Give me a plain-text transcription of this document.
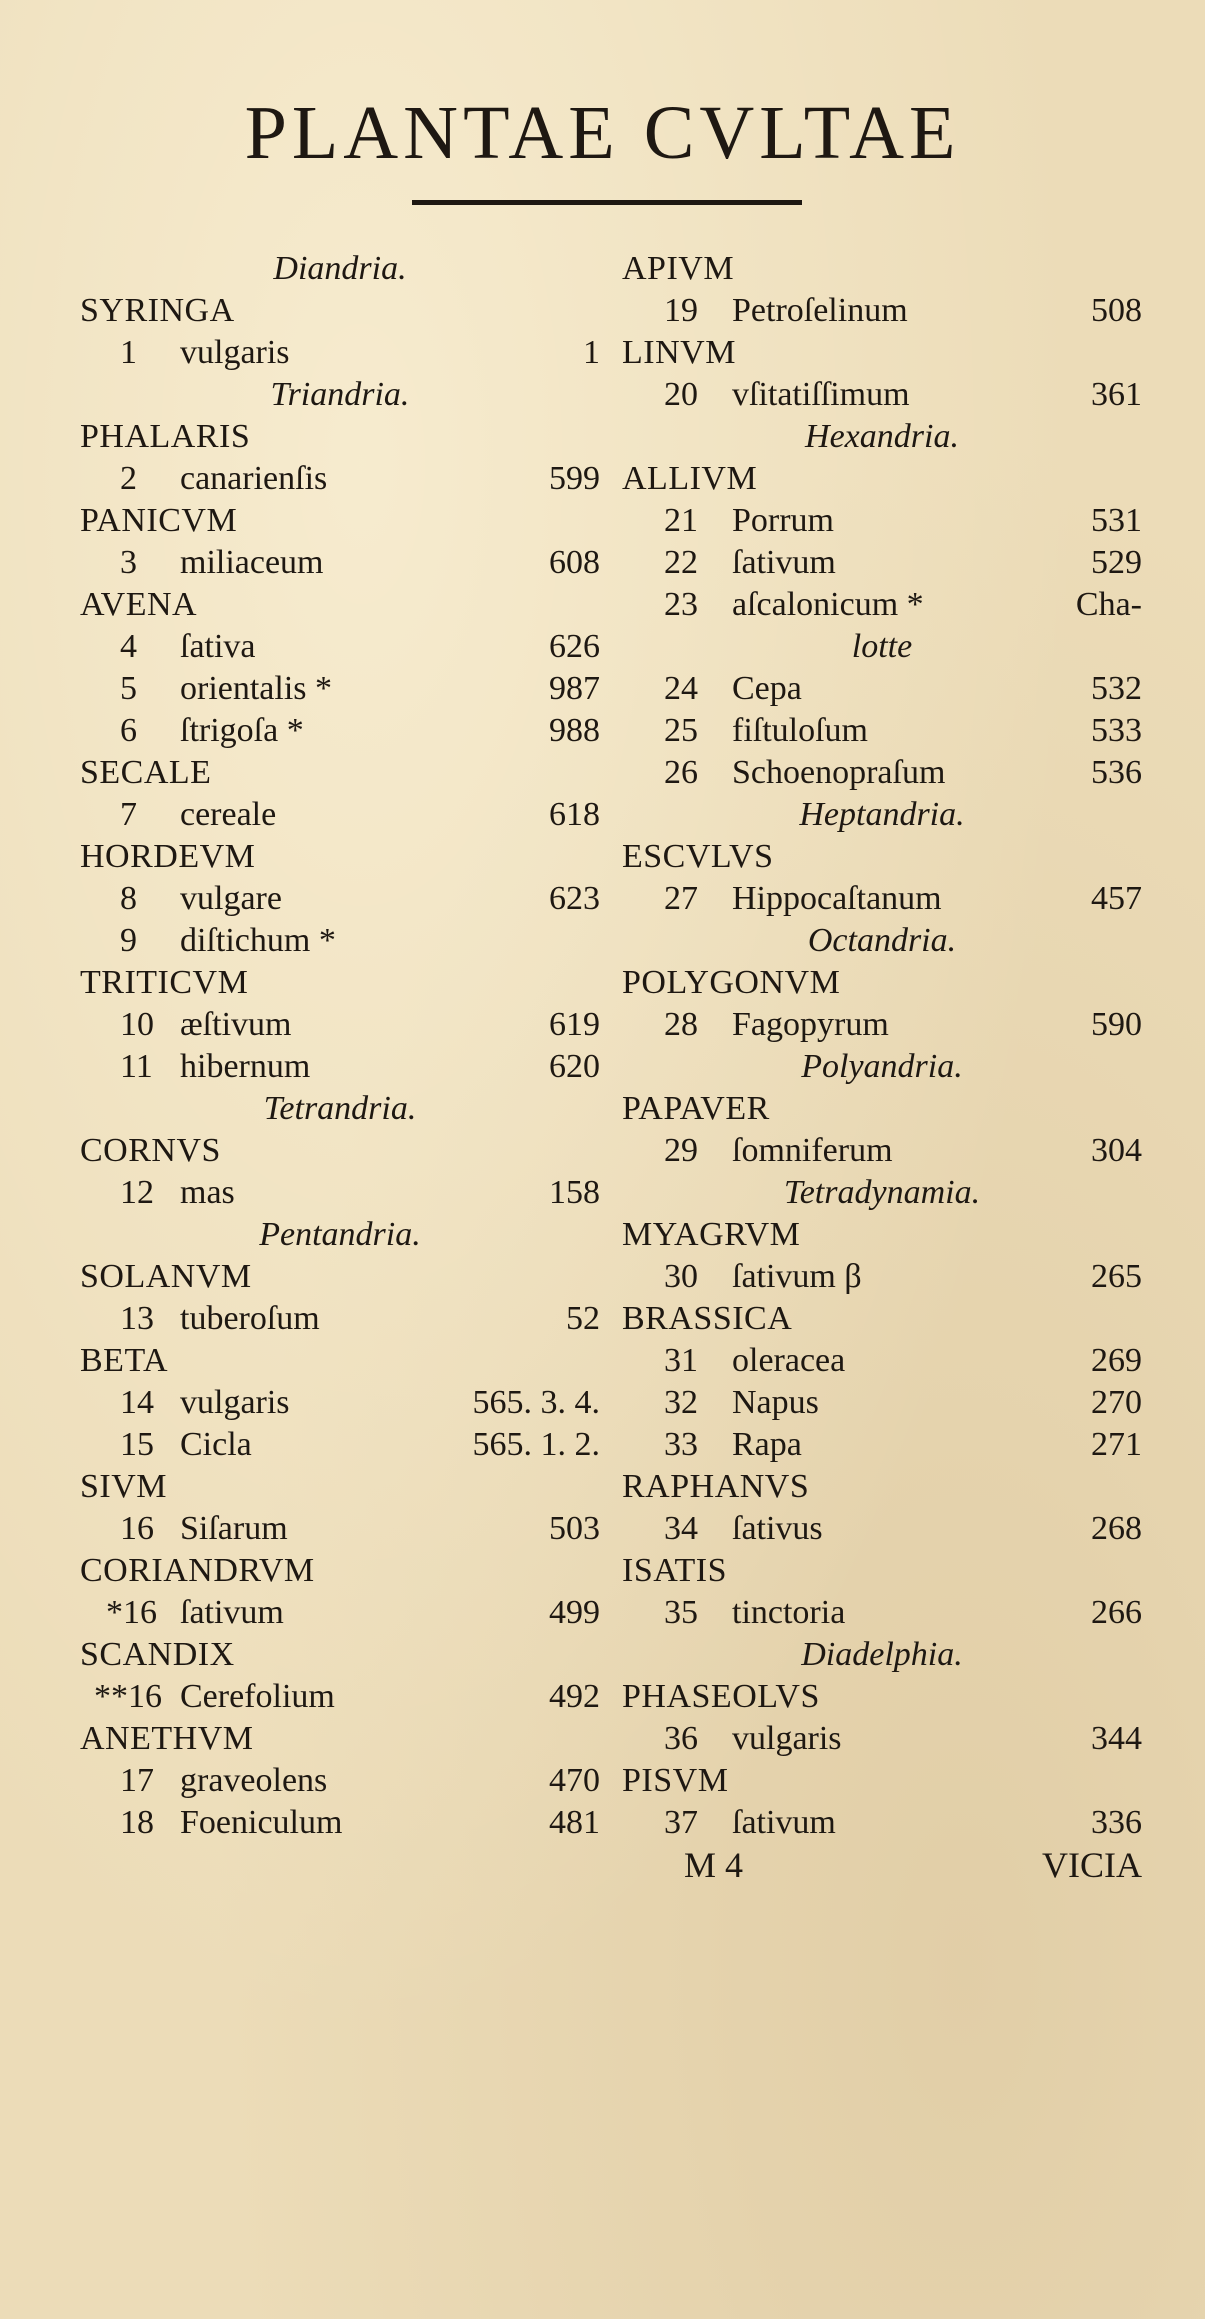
PLANTAE CVLTAE
Diandria.
SYRINGA
1 vulgaris	1
Triandria.
PHALARIS
2 canarienſis	599
PANICVM
3 miliaceum	608
AVENA
4 ſativa	626
5 orientalis *	987
6 ſtrigoſa *	988
SECALE
7 cereale	618
HORDEVM
8 vulgare	623
9 diſtichum *
TRITICVM
10 æſtivum	619
11 hibernum	620
Tetrandria.
CORNVS
12 mas	158
Pentandria.
SOLANVM
13 tuberoſum	52
BETA
14 vulgaris	565. 3. 4.
15 Cicla	565. 1. 2.
SIVM
16 Siſarum	503
CORIANDRVM
*16 ſativum	499
SCANDIX
**16 Cerefolium	492
ANETHVM
17 graveolens	470
18 Foeniculum	481
APIVM
19 Petroſelinum	508
LINVM
20 vſitatiſſimum	361
Hexandria.
ALLIVM
21 Porrum	531
22 ſativum	529
23 aſcalonicum *	Cha-
lotte
24 Cepa	532
25 fiſtuloſum	533
26 Schoenopraſum	536
Heptandria.
ESCVLVS
27 Hippocaſtanum	457
Octandria.
POLYGONVM
28 Fagopyrum	590
Polyandria.
PAPAVER
29 ſomniferum	304
Tetradynamia.
MYAGRVM
30 ſativum β	265
BRASSICA
31 oleracea	269
32 Napus	270
33 Rapa	271
RAPHANVS
34 ſativus	268
ISATIS
35 tinctoria	266
Diadelphia.
PHASEOLVS
36 vulgaris	344
PISVM
37 ſativum	336
M 4	VICIA
